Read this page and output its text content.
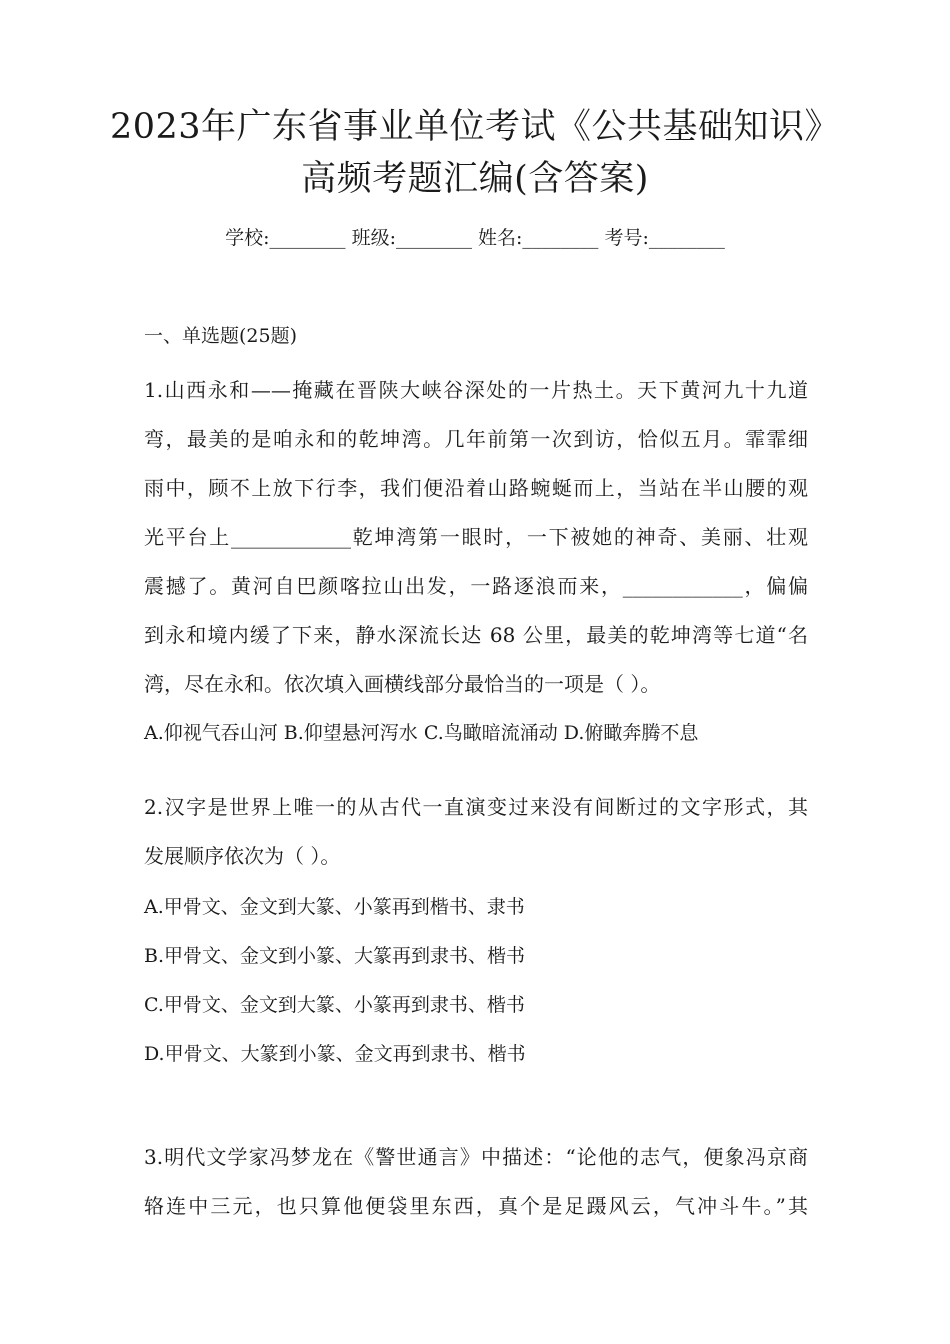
2023年广东省事业单位考试《公共基础知识》
高频考题汇编(含答案)
学校:________ 班级:________ 姓名:________ 考号:________
一、单选题(25题)
1.山西永和——掩藏在晋陕大峡谷深处的一片热土。天下黄河九十九道
弯，最美的是咱永和的乾坤湾。几年前第一次到访，恰似五月。霏霏细
雨中，顾不上放下行李，我们便沿着山路蜿蜒而上，当站在半山腰的观
光平台上____________乾坤湾第一眼时，一下被她的神奇、美丽、壮观
震撼了。黄河自巴颜喀拉山出发，一路逐浪而来，____________，偏偏
到永和境内缓了下来，静水深流长达 68 公里，最美的乾坤湾等七道“名
湾，尽在永和。依次填入画横线部分最恰当的一项是（ ）。
A.仰视气吞山河 B.仰望悬河泻水 C.鸟瞰暗流涌动 D.俯瞰奔腾不息
2.汉字是世界上唯一的从古代一直演变过来没有间断过的文字形式，其
发展顺序依次为（ ）。
A.甲骨文、金文到大篆、小篆再到楷书、隶书
B.甲骨文、金文到小篆、大篆再到隶书、楷书
C.甲骨文、金文到大篆、小篆再到隶书、楷书
D.甲骨文、大篆到小篆、金文再到隶书、楷书
3.明代文学家冯梦龙在《警世通言》中描述：“论他的志气，便象冯京商
辂连中三元，也只算他便袋里东西，真个是足蹑风云，气冲斗牛。”其
